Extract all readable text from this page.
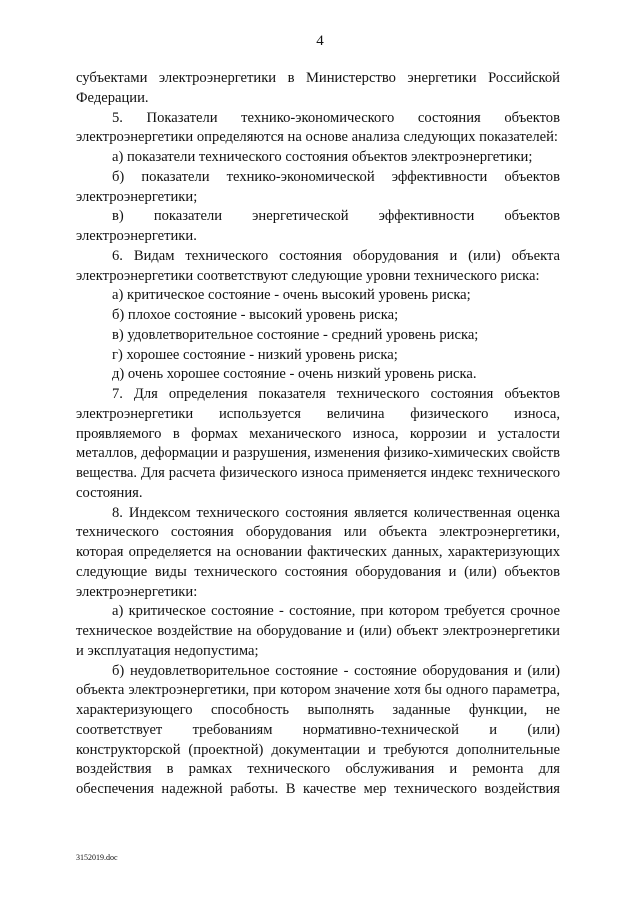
4

субъектами электроэнергетики в Министерство энергетики Российской Федерации.

5. Показатели технико-экономического состояния объектов электроэнергетики определяются на основе анализа следующих показателей:

а) показатели технического состояния объектов электроэнергетики;

б) показатели технико-экономической эффективности объектов электроэнергетики;

в) показатели энергетической эффективности объектов электроэнергетики.

6. Видам технического состояния оборудования и (или) объекта электроэнергетики соответствуют следующие уровни технического риска:

а) критическое состояние - очень высокий уровень риска;

б) плохое состояние - высокий уровень риска;

в) удовлетворительное состояние - средний уровень риска;

г) хорошее состояние - низкий уровень риска;

д) очень хорошее состояние - очень низкий уровень риска.

7. Для определения показателя технического состояния объектов электроэнергетики используется величина физического износа, проявляемого в формах механического износа, коррозии и усталости металлов, деформации и разрушения, изменения физико-химических свойств вещества. Для расчета физического износа применяется индекс технического состояния.

8. Индексом технического состояния является количественная оценка технического состояния оборудования или объекта электроэнергетики, которая определяется на основании фактических данных, характеризующих следующие виды технического состояния оборудования и (или) объектов электроэнергетики:

а) критическое состояние - состояние, при котором требуется срочное техническое воздействие на оборудование и (или) объект электроэнергетики и эксплуатация недопустима;

б) неудовлетворительное состояние - состояние оборудования и (или) объекта электроэнергетики, при котором значение хотя бы одного параметра, характеризующего способность выполнять заданные функции, не соответствует требованиям нормативно-технической и (или) конструкторской (проектной) документации и требуются дополнительные воздействия в рамках технического обслуживания и ремонта для обеспечения надежной работы. В качестве мер технического воздействия

3152019.doc
